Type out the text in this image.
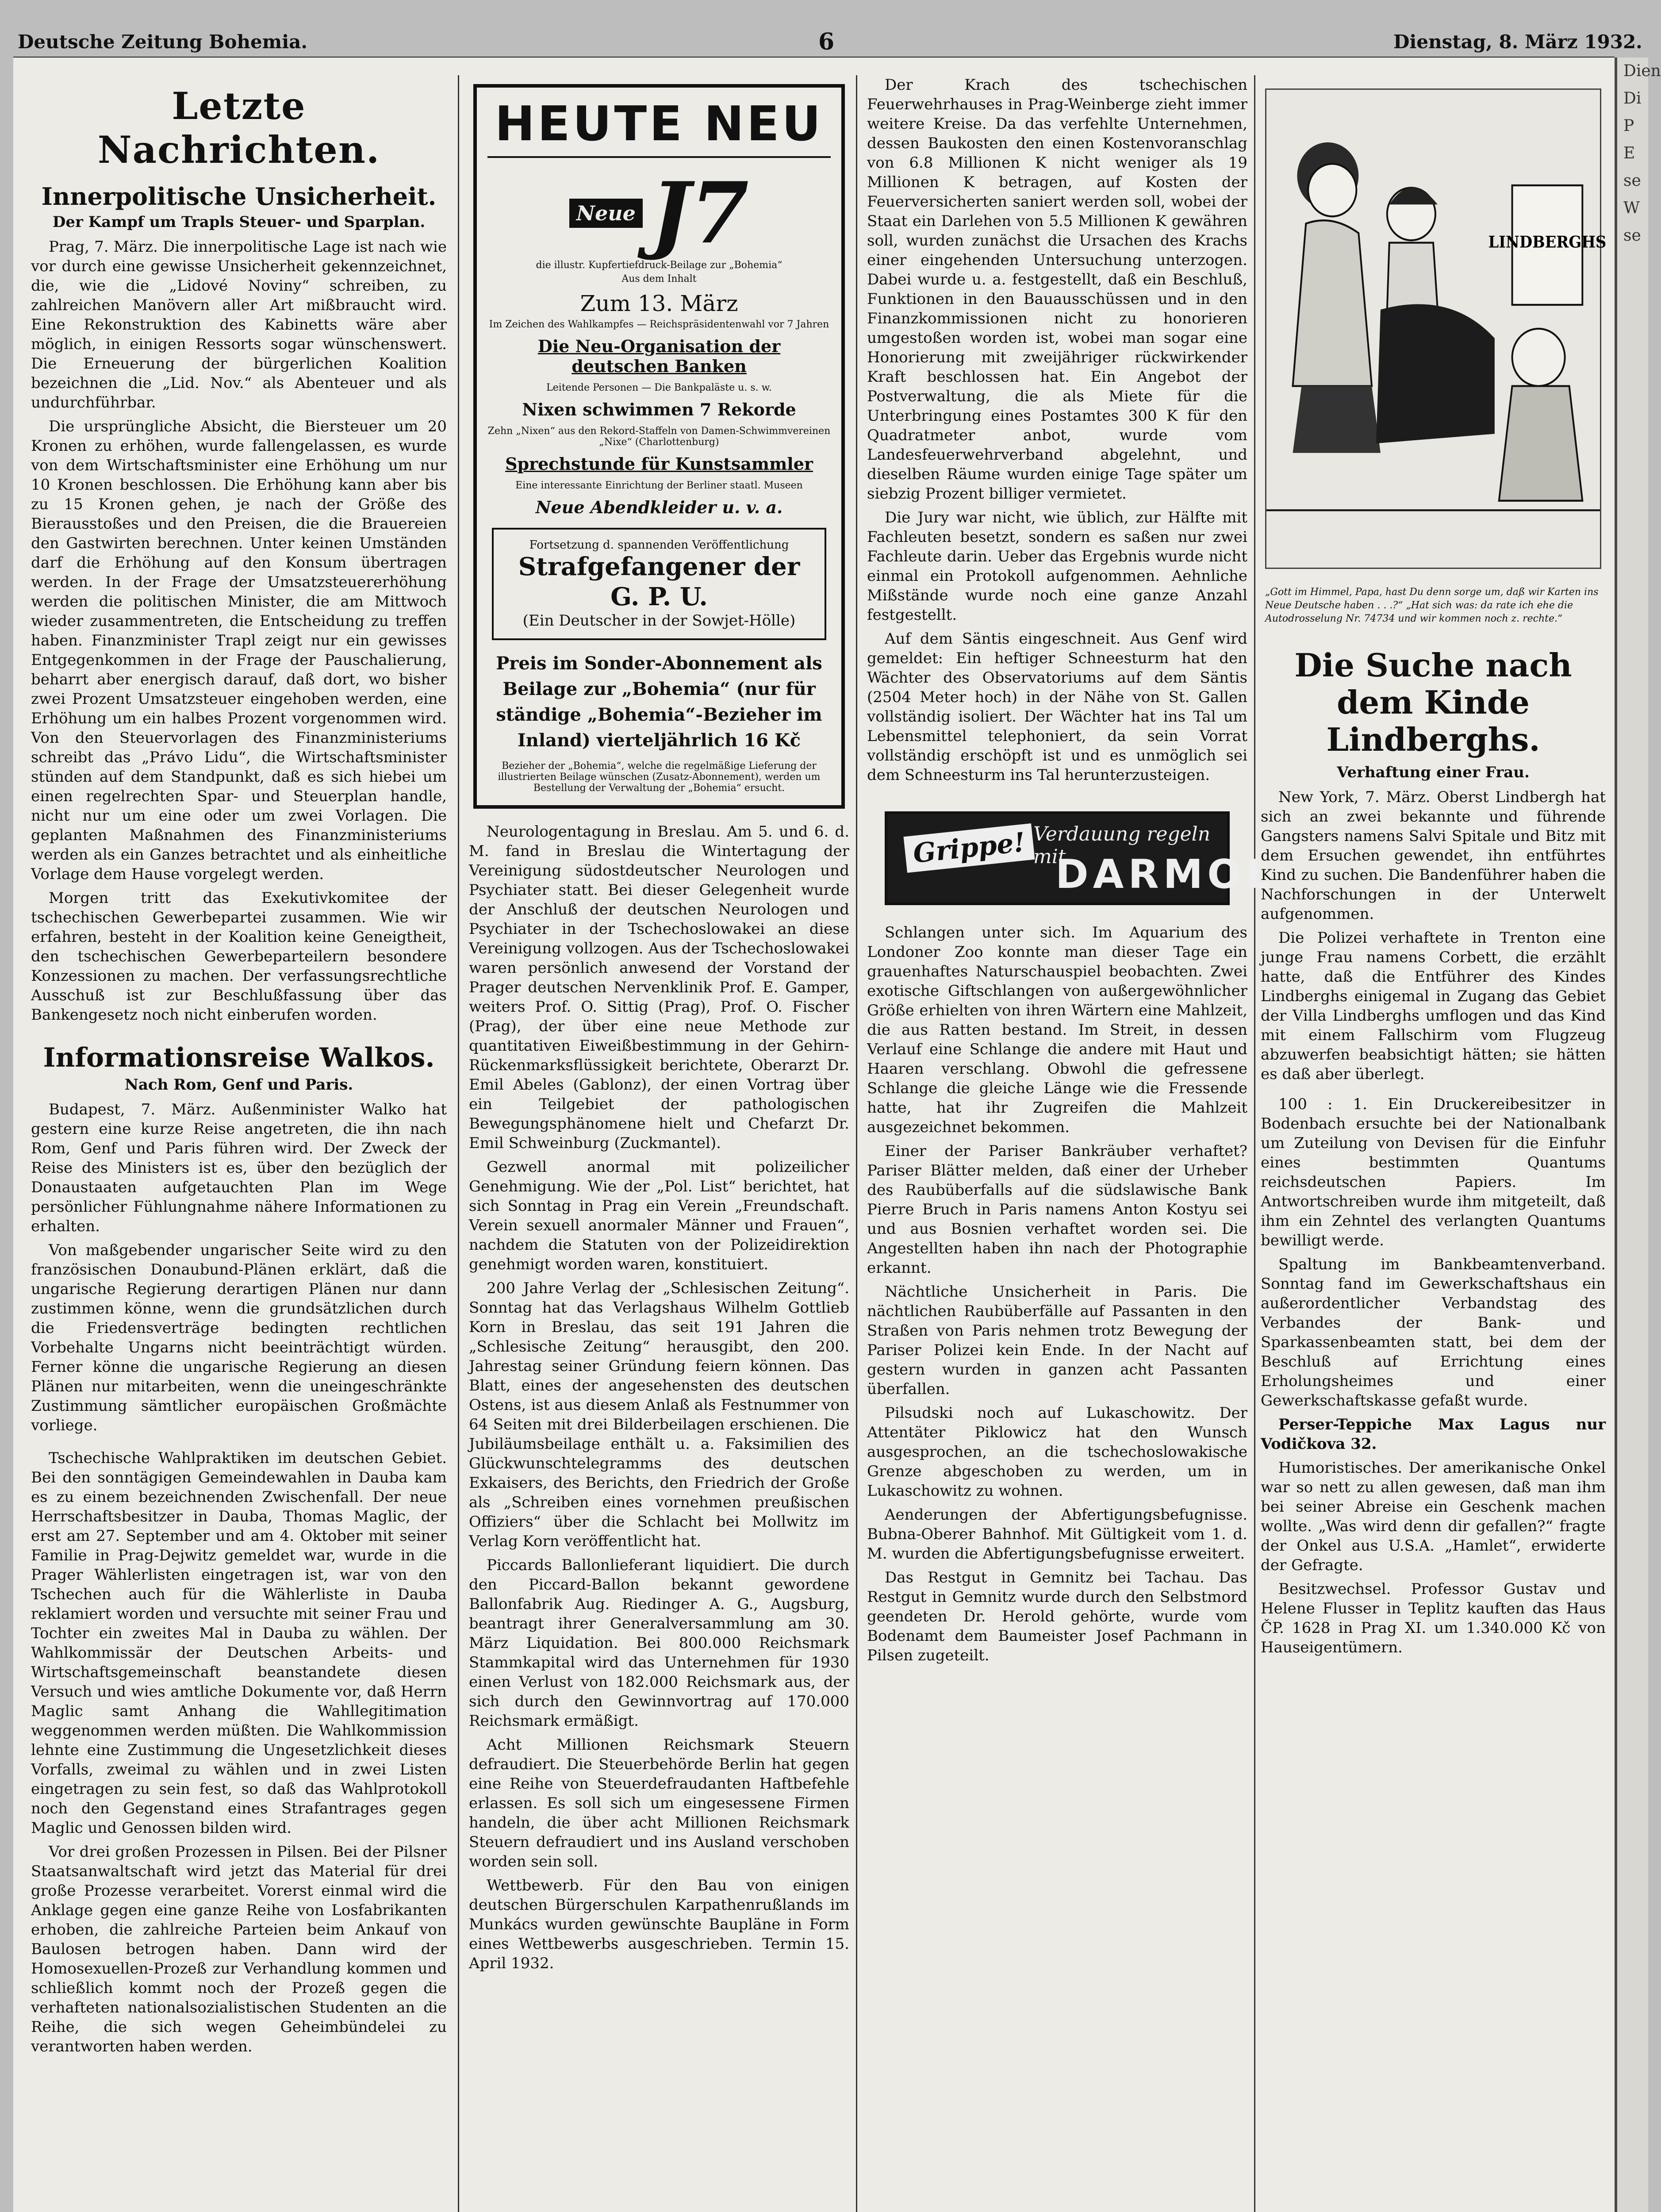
Deutsche Zeitung Bohemia.	6	Dienstag, 8. März 1932.
Letzte Nachrichten.
Innerpolitische Unsicherheit.
Der Kampf um Trapls Steuer- und Sparplan.

Prag, 7. März. Die innerpolitische Lage ist nach wie vor durch eine gewisse Unsicherheit gekennzeichnet, die, wie die „Lidové Noviny“ schreiben, zu zahlreichen Manövern aller Art mißbraucht wird. Eine Rekonstruktion des Kabinetts wäre aber möglich, in einigen Ressorts sogar wünschenswert. Die Erneuerung der bürgerlichen Koalition bezeichnen die „Lid. Nov.“ als Abenteuer und als undurchführbar.

Die ursprüngliche Absicht, die Biersteuer um 20 Kronen zu erhöhen, wurde fallengelassen, es wurde von dem Wirtschaftsminister eine Erhöhung um nur 10 Kronen beschlossen. Die Erhöhung kann aber bis zu 15 Kronen gehen, je nach der Größe des Bierausstoßes und den Preisen, die die Brauereien den Gastwirten berechnen. Unter keinen Umständen darf die Erhöhung auf den Konsum übertragen werden. In der Frage der Umsatzsteuererhöhung werden die politischen Minister, die am Mittwoch wieder zusammentreten, die Entscheidung zu treffen haben. Finanzminister Trapl zeigt nur ein gewisses Entgegenkommen in der Frage der Pauschalierung, beharrt aber energisch darauf, daß dort, wo bisher zwei Prozent Umsatzsteuer eingehoben werden, eine Erhöhung um ein halbes Prozent vorgenommen wird. Von den Steuervorlagen des Finanzministeriums schreibt das „Právo Lidu“, die Wirtschaftsminister stünden auf dem Standpunkt, daß es sich hiebei um einen regelrechten Spar- und Steuerplan handle, nicht nur um eine oder um zwei Vorlagen. Die geplanten Maßnahmen des Finanzministeriums werden als ein Ganzes betrachtet und als einheitliche Vorlage dem Hause vorgelegt werden.

Morgen tritt das Exekutivkomitee der tschechischen Gewerbepartei zusammen. Wie wir erfahren, besteht in der Koalition keine Geneigtheit, den tschechischen Gewerbeparteilern besondere Konzessionen zu machen. Der verfassungsrechtliche Ausschuß ist zur Beschlußfassung über das Bankengesetz noch nicht einberufen worden.

Informationsreise Walkos.
Nach Rom, Genf und Paris.

Budapest, 7. März. Außenminister Walko hat gestern eine kurze Reise angetreten, die ihn nach Rom, Genf und Paris führen wird. Der Zweck der Reise des Ministers ist es, über den bezüglich der Donaustaaten aufgetauchten Plan im Wege persönlicher Fühlungnahme nähere Informationen zu erhalten.

Von maßgebender ungarischer Seite wird zu den französischen Donaubund-Plänen erklärt, daß die ungarische Regierung derartigen Plänen nur dann zustimmen könne, wenn die grundsätzlichen durch die Friedensverträge bedingten rechtlichen Vorbehalte Ungarns nicht beeinträchtigt würden. Ferner könne die ungarische Regierung an diesen Plänen nur mitarbeiten, wenn die uneingeschränkte Zustimmung sämtlicher europäischen Großmächte vorliege.

Tschechische Wahlpraktiken im deutschen Gebiet. Bei den sonntägigen Gemeindewahlen in Dauba kam es zu einem bezeichnenden Zwischenfall. Der neue Herrschaftsbesitzer in Dauba, Thomas Maglic, der erst am 27. September und am 4. Oktober mit seiner Familie in Prag-Dejwitz gemeldet war, wurde in die Prager Wählerlisten eingetragen ist, war von den Tschechen auch für die Wählerliste in Dauba reklamiert worden und versuchte mit seiner Frau und Tochter ein zweites Mal in Dauba zu wählen. Der Wahlkommissär der Deutschen Arbeits- und Wirtschaftsgemeinschaft beanstandete diesen Versuch und wies amtliche Dokumente vor, daß Herrn Maglic samt Anhang die Wahllegitimation weggenommen werden müßten. Die Wahlkommission lehnte eine Zustimmung die Ungesetzlichkeit dieses Vorfalls, zweimal zu wählen und in zwei Listen eingetragen zu sein fest, so daß das Wahlprotokoll noch den Gegenstand eines Strafantrages gegen Maglic und Genossen bilden wird.

Vor drei großen Prozessen in Pilsen. Bei der Pilsner Staatsanwaltschaft wird jetzt das Material für drei große Prozesse verarbeitet. Vorerst einmal wird die Anklage gegen eine ganze Reihe von Losfabrikanten erhoben, die zahlreiche Parteien beim Ankauf von Baulosen betrogen haben. Dann wird der Homosexuellen-Prozeß zur Verhandlung kommen und schließlich kommt noch der Prozeß gegen die verhafteten nationalsozialistischen Studenten an die Reihe, die sich wegen Geheimbündelei zu verantworten haben werden.

HEUTE NEU
Neue J7
die illustr. Kupfertiefdruck-Beilage zur „Bohemia“
Aus dem Inhalt
Zum 13. März
Im Zeichen des Wahlkampfes — Reichspräsidentenwahl vor 7 Jahren
Die Neu-Organisation der deutschen Banken
Leitende Personen — Die Bankpaläste u. s. w.
Nixen schwimmen 7 Rekorde
Zehn „Nixen“ aus den Rekord-Staffeln von Damen-Schwimmvereinen „Nixe“ (Charlottenburg)
Sprechstunde für Kunstsammler
Eine interessante Einrichtung der Berliner staatl. Museen
Neue Abendkleider u. v. a.
Fortsetzung d. spannenden Veröffentlichung
Strafgefangener der G. P. U.
(Ein Deutscher in der Sowjet-Hölle)
Preis im Sonder-Abonnement als Beilage zur „Bohemia“ (nur für ständige „Bohemia“-Bezieher im Inland) vierteljährlich 16 Kč
Bezieher der „Bohemia“, welche die regelmäßige Lieferung der illustrierten Beilage wünschen (Zusatz-Abonnement), werden um Bestellung der Verwaltung der „Bohemia“ ersucht.

Neurologentagung in Breslau. Am 5. und 6. d. M. fand in Breslau die Wintertagung der Vereinigung südostdeutscher Neurologen und Psychiater statt. Bei dieser Gelegenheit wurde der Anschluß der deutschen Neurologen und Psychiater in der Tschechoslowakei an diese Vereinigung vollzogen. Aus der Tschechoslowakei waren persönlich anwesend der Vorstand der Prager deutschen Nervenklinik Prof. E. Gamper, weiters Prof. O. Sittig (Prag), Prof. O. Fischer (Prag), der über eine neue Methode zur quantitativen Eiweißbestimmung in der Gehirn-Rückenmarksflüssigkeit berichtete, Oberarzt Dr. Emil Abeles (Gablonz), der einen Vortrag über ein Teilgebiet der pathologischen Bewegungsphänomene hielt und Chefarzt Dr. Emil Schweinburg (Zuckmantel).

Gezwell anormal mit polizeilicher Genehmigung. Wie der „Pol. List“ berichtet, hat sich Sonntag in Prag ein Verein „Freundschaft. Verein sexuell anormaler Männer und Frauen“, nachdem die Statuten von der Polizeidirektion genehmigt worden waren, konstituiert.

200 Jahre Verlag der „Schlesischen Zeitung“. Sonntag hat das Verlagshaus Wilhelm Gottlieb Korn in Breslau, das seit 191 Jahren die „Schlesische Zeitung“ herausgibt, den 200. Jahrestag seiner Gründung feiern können. Das Blatt, eines der angesehensten des deutschen Ostens, ist aus diesem Anlaß als Festnummer von 64 Seiten mit drei Bilderbeilagen erschienen. Die Jubiläumsbeilage enthält u. a. Faksimilien des Glückwunschtelegramms des deutschen Exkaisers, des Berichts, den Friedrich der Große als „Schreiben eines vornehmen preußischen Offiziers“ über die Schlacht bei Mollwitz im Verlag Korn veröffentlicht hat.

Piccards Ballonlieferant liquidiert. Die durch den Piccard-Ballon bekannt gewordene Ballonfabrik Aug. Riedinger A. G., Augsburg, beantragt ihrer Generalversammlung am 30. März Liquidation. Bei 800.000 Reichsmark Stammkapital wird das Unternehmen für 1930 einen Verlust von 182.000 Reichsmark aus, der sich durch den Gewinnvortrag auf 170.000 Reichsmark ermäßigt.

Acht Millionen Reichsmark Steuern defraudiert. Die Steuerbehörde Berlin hat gegen eine Reihe von Steuerdefraudanten Haftbefehle erlassen. Es soll sich um eingesessene Firmen handeln, die über acht Millionen Reichsmark Steuern defraudiert und ins Ausland verschoben worden sein soll.

Wettbewerb. Für den Bau von einigen deutschen Bürgerschulen Karpathenrußlands im Munkács wurden gewünschte Baupläne in Form eines Wettbewerbs ausgeschrieben. Termin 15. April 1932.

Der Krach des tschechischen Feuerwehrhauses in Prag-Weinberge zieht immer weitere Kreise. Da das verfehlte Unternehmen, dessen Baukosten den einen Kostenvoranschlag von 6.8 Millionen K nicht weniger als 19 Millionen K betragen, auf Kosten der Feuerversicherten saniert werden soll, wobei der Staat ein Darlehen von 5.5 Millionen K gewähren soll, wurden zunächst die Ursachen des Krachs einer eingehenden Untersuchung unterzogen. Dabei wurde u. a. festgestellt, daß ein Beschluß, Funktionen in den Bauausschüssen und in den Finanzkommissionen nicht zu honorieren umgestoßen worden ist, wobei man sogar eine Honorierung mit zweijähriger rückwirkender Kraft beschlossen hat. Ein Angebot der Postverwaltung, die als Miete für die Unterbringung eines Postamtes 300 K für den Quadratmeter anbot, wurde vom Landesfeuerwehrverband abgelehnt, und dieselben Räume wurden einige Tage später um siebzig Prozent billiger vermietet.

Die Jury war nicht, wie üblich, zur Hälfte mit Fachleuten besetzt, sondern es saßen nur zwei Fachleute darin. Ueber das Ergebnis wurde nicht einmal ein Protokoll aufgenommen. Aehnliche Mißstände wurde noch eine ganze Anzahl festgestellt.

Auf dem Säntis eingeschneit. Aus Genf wird gemeldet: Ein heftiger Schneesturm hat den Wächter des Observatoriums auf dem Säntis (2504 Meter hoch) in der Nähe von St. Gallen vollständig isoliert. Der Wächter hat ins Tal um Lebensmittel telephoniert, da sein Vorrat vollständig erschöpft ist und es unmöglich sei dem Schneesturm ins Tal herunterzusteigen.

Grippe! Verdauung regeln mit
DARMOL

Schlangen unter sich. Im Aquarium des Londoner Zoo konnte man dieser Tage ein grauenhaftes Naturschauspiel beobachten. Zwei exotische Giftschlangen von außergewöhnlicher Größe erhielten von ihren Wärtern eine Mahlzeit, die aus Ratten bestand. Im Streit, in dessen Verlauf eine Schlange die andere mit Haut und Haaren verschlang. Obwohl die gefressene Schlange die gleiche Länge wie die Fressende hatte, hat ihr Zugreifen die Mahlzeit ausgezeichnet bekommen.

Einer der Pariser Bankräuber verhaftet? Pariser Blätter melden, daß einer der Urheber des Raubüberfalls auf die südslawische Bank Pierre Bruch in Paris namens Anton Kostyu sei und aus Bosnien verhaftet worden sei. Die Angestellten haben ihn nach der Photographie erkannt.

Nächtliche Unsicherheit in Paris. Die nächtlichen Raubüberfälle auf Passanten in den Straßen von Paris nehmen trotz Bewegung der Pariser Polizei kein Ende. In der Nacht auf gestern wurden in ganzen acht Passanten überfallen.

Pilsudski noch auf Lukaschowitz. Der Attentäter Piklowicz hat den Wunsch ausgesprochen, an die tschechoslowakische Grenze abgeschoben zu werden, um in Lukaschowitz zu wohnen.

Aenderungen der Abfertigungsbefugnisse. Bubna-Oberer Bahnhof. Mit Gültigkeit vom 1. d. M. wurden die Abfertigungsbefugnisse erweitert.

Das Restgut in Gemnitz bei Tachau. Das Restgut in Gemnitz wurde durch den Selbstmord geendeten Dr. Herold gehörte, wurde vom Bodenamt dem Baumeister Josef Pachmann in Pilsen zugeteilt.

LINDBERGHS
„Gott im Himmel, Papa, hast Du denn sorge um, daß wir Karten ins Neue Deutsche haben . . .?“ „Hat sich was: da rate ich ehe die Autodrosselung Nr. 74734 und wir kommen noch z. rechte.“
Die Suche nach dem Kinde Lindberghs.
Verhaftung einer Frau.

New York, 7. März. Oberst Lindbergh hat sich an zwei bekannte und führende Gangsters namens Salvi Spitale und Bitz mit dem Ersuchen gewendet, ihn entführtes Kind zu suchen. Die Bandenführer haben die Nachforschungen in der Unterwelt aufgenommen.

Die Polizei verhaftete in Trenton eine junge Frau namens Corbett, die erzählt hatte, daß die Entführer des Kindes Lindberghs einigemal in Zugang das Gebiet der Villa Lindberghs umflogen und das Kind mit einem Fallschirm vom Flugzeug abzuwerfen beabsichtigt hätten; sie hätten es daß aber überlegt.

100 : 1. Ein Druckereibesitzer in Bodenbach ersuchte bei der Nationalbank um Zuteilung von Devisen für die Einfuhr eines bestimmten Quantums reichsdeutschen Papiers. Im Antwortschreiben wurde ihm mitgeteilt, daß ihm ein Zehntel des verlangten Quantums bewilligt werde.

Spaltung im Bankbeamtenverband. Sonntag fand im Gewerkschaftshaus ein außerordentlicher Verbandstag des Verbandes der Bank- und Sparkassenbeamten statt, bei dem der Beschluß auf Errichtung eines Erholungsheimes und einer Gewerkschaftskasse gefaßt wurde.

Perser-Teppiche Max Lagus nur Vodičkova 32.

Humoristisches. Der amerikanische Onkel war so nett zu allen gewesen, daß man ihm bei seiner Abreise ein Geschenk machen wollte. „Was wird denn dir gefallen?“ fragte der Onkel aus U.S.A. „Hamlet“, erwiderte der Gefragte.

Besitzwechsel. Professor Gustav und Helene Flusser in Teplitz kauften das Haus ČP. 1628 in Prag XI. um 1.340.000 Kč von Hauseigentümern.

Dien
Di
P
E
se
W
se
